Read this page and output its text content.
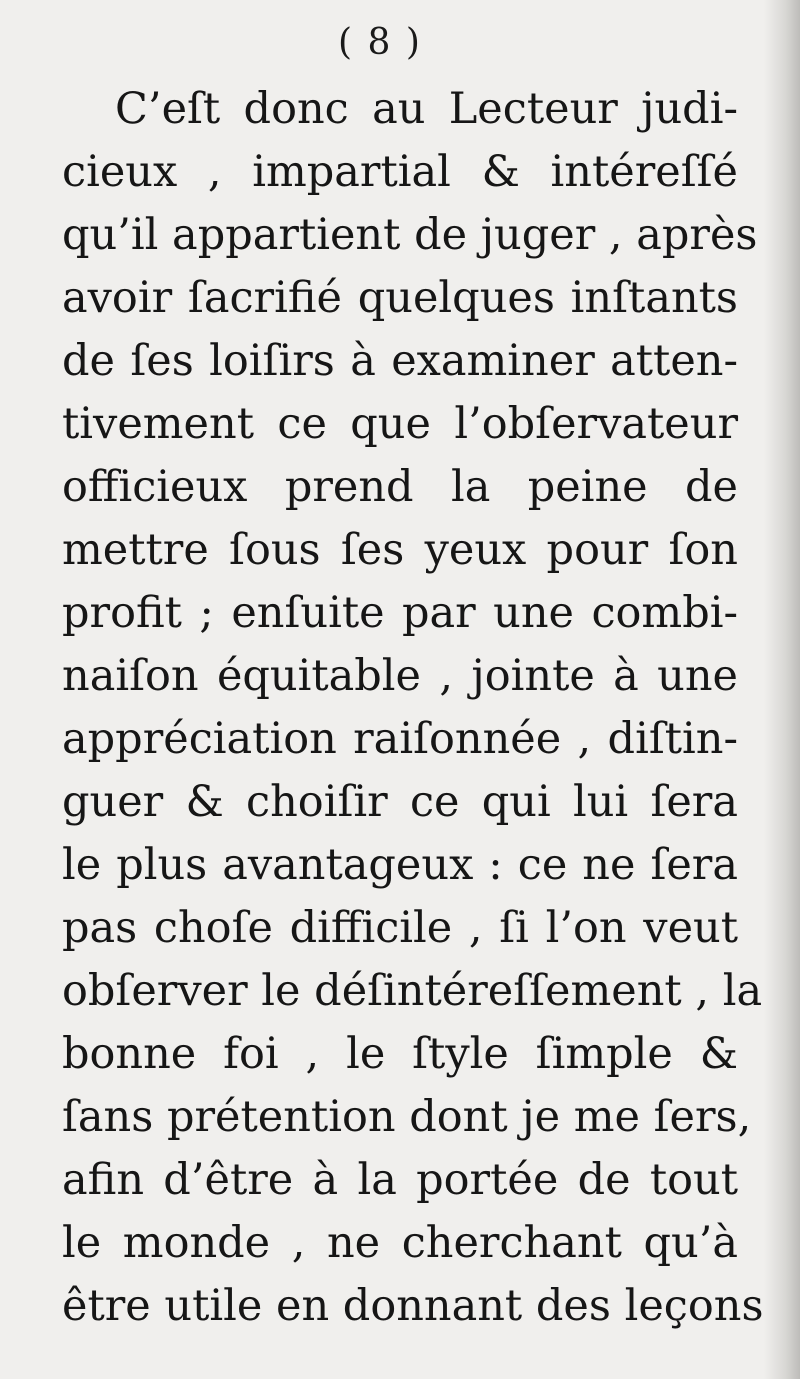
( 8 )
C’eſt donc au Lecteur judi-
cieux , impartial & intéreſſé
qu’il appartient de juger , après
avoir ſacrifié quelques inſtants
de ſes loiſirs à examiner atten-
tivement ce que l’obſervateur
officieux prend la peine de
mettre ſous ſes yeux pour ſon
profit ; enſuite par une combi-
naiſon équitable , jointe à une
appréciation raiſonnée , diſtin-
guer & choiſir ce qui lui ſera
le plus avantageux : ce ne ſera
pas choſe difficile , ſi l’on veut
obſerver le déſintéreſſement , la
bonne foi , le ſtyle ſimple &
ſans prétention dont je me ſers,
afin d’être à la portée de tout
le monde , ne cherchant qu’à
être utile en donnant des leçons
